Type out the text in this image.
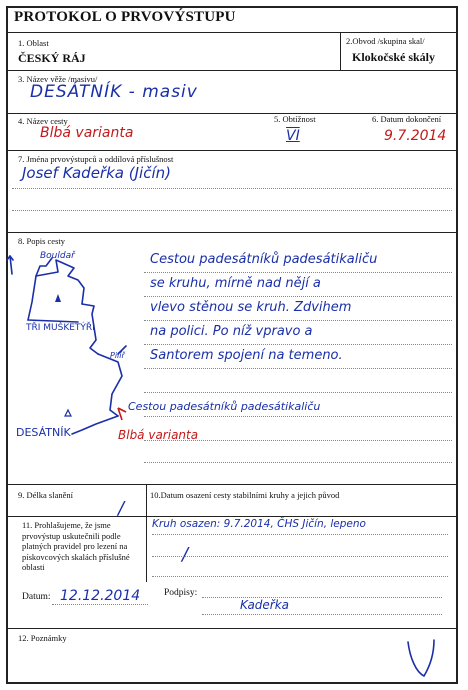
PROTOKOL O PRVOVÝSTUPU
1. Oblast
ČESKÝ RÁJ
2.Obvod /skupina skal/
Klokočské skály
3. Název věže /masivu/
DESÁTNÍK - masiv
4. Název cesty
Blbá varianta
5. Obtížnost
VI
6. Datum dokončení
9.7.2014
7. Jména prvovýstupců a oddílová příslušnost
Josef Kadeřka (Jičín)
8. Popis cesty
Cestou padesátníků padesátikaliču
se kruhu, mírně nad nějí a
vlevo stěnou se kruh. Zdvihem
na polici. Po níž vpravo a
Santorem spojení na temeno.
Bouldař
TŘI MUŠKETÝŘI
Pilíř
DESÁTNÍK
Cestou padesátníků padesátikaliču
Blbá varianta
9. Délka slanění
/
10.Datum osazení cesty stabilními kruhy a jejich původ
11. Prohlašujeme, že jsme prvovýstup uskutečnili podle platných pravidel pro lezení na pískovcových skalách příslušné oblasti
Kruh osazen: 9.7.2014, ČHS Jičín, lepeno
/
Datum: 12.12.2014	Podpisy:
Kadeřka
12. Poznámky
